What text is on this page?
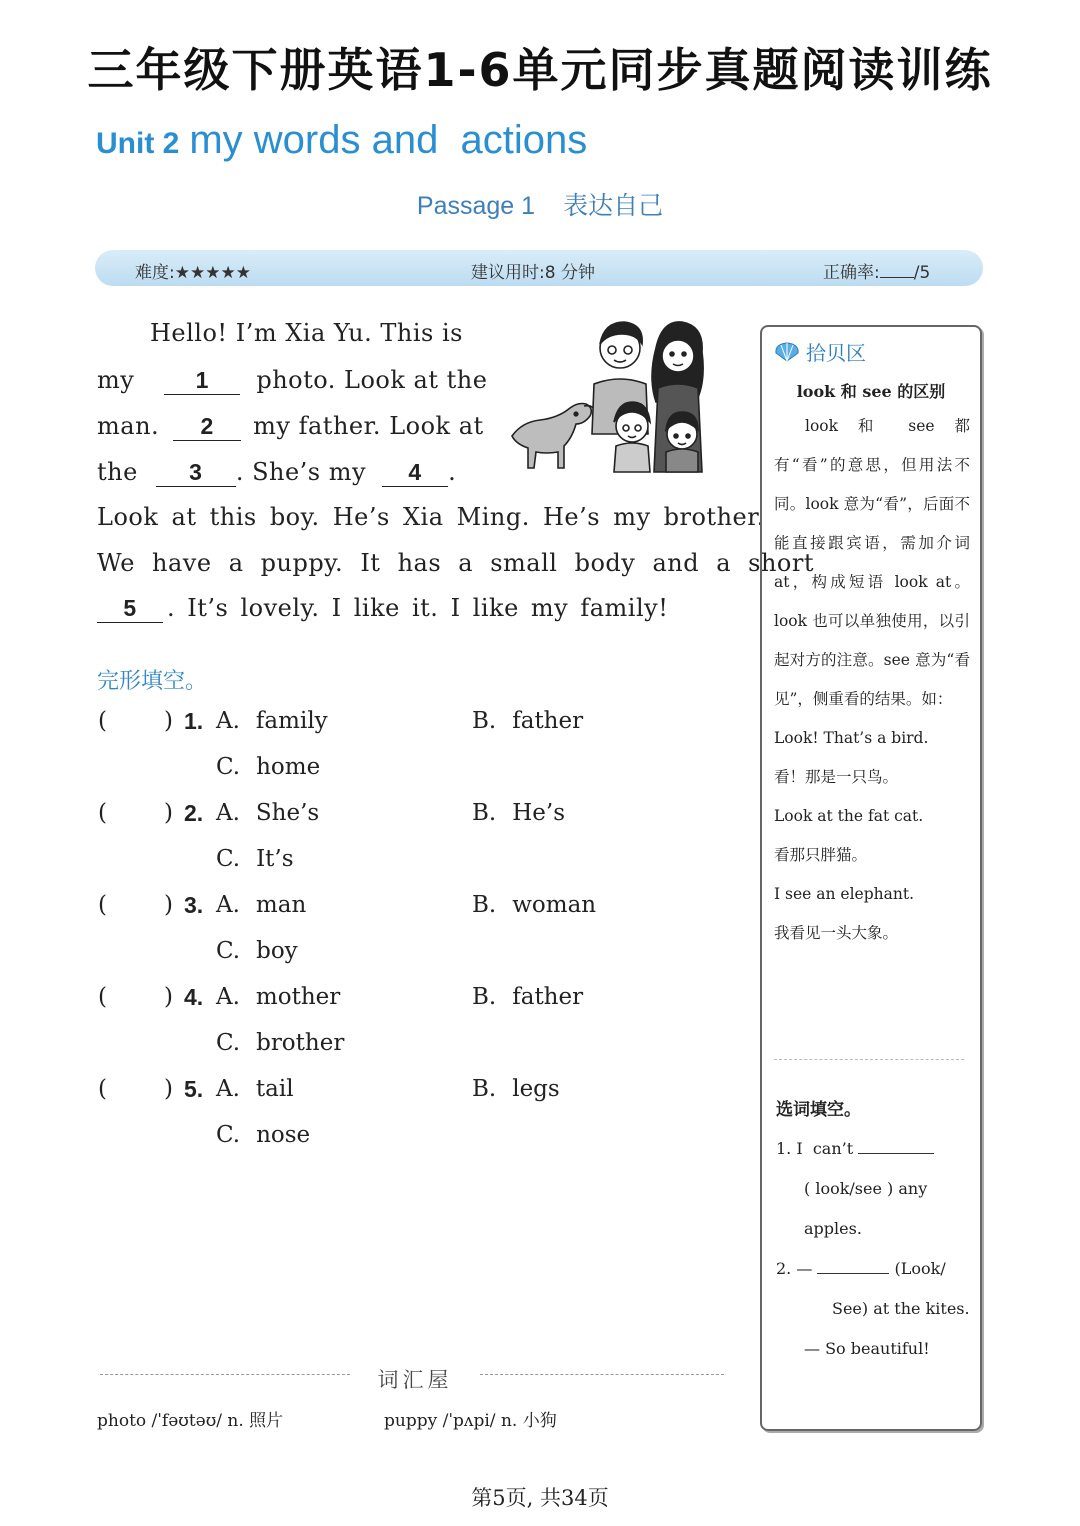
三年级下册英语1-6单元同步真题阅读训练
Unit 2 my words and  actions
Passage 1 表达自己
难度:★★★★★	建议用时:8 分钟	正确率: /5
Hello! I’m Xia Yu. This is
my	1 photo. Look at the
man. 2 my father. Look at
the 3 . She’s my 4 .
Look at this boy. He’s Xia Ming. He’s my brother.
We have a puppy. It has a small body and a short
5 . It’s lovely. I like it. I like my family!
完形填空。
( ) 1. A. family	B. father
C. home
( ) 2. A. She’s	B. He’s
C. It’s
( ) 3. A. man	B. woman
C. boy
( ) 4. A. mother	B. father
C. brother
( ) 5. A. tail	B. legs
C. nose
词汇屋
photo /ˈfəʊtəʊ/ n. 照片	puppy /ˈpʌpi/ n. 小狗
拾贝区
look 和 see 的区别
look 和 see 都有“看”的意思，但用法不同。look 意为“看”，后面不能直接跟宾语，需加介词 at，构成短语 look at。look 也可以单独使用，以引起对方的注意。see 意为“看见”，侧重看的结果。如：
Look! That’s a bird.
看！那是一只鸟。
Look at the fat cat.
看那只胖猫。
I see an elephant.
我看见一头大象。
选词填空。
1. I  can’t
( look/see ) any apples.
2. —	(Look/
See) at the kites.
— So beautiful!
第5页, 共34页
